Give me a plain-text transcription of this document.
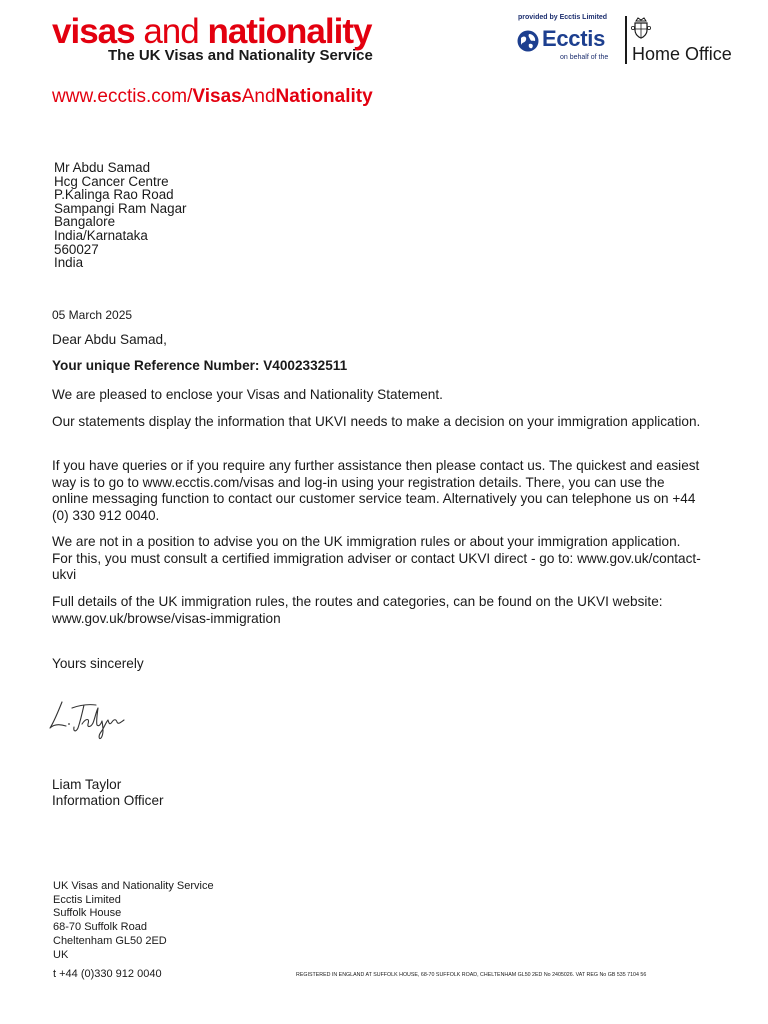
visas and nationality
The UK Visas and Nationality Service
www.ecctis.com/VisasAndNationality
provided by Ecctis Limited
Ecctis
on behalf of the Home Office
Mr Abdu Samad
Hcg Cancer Centre
P.Kalinga Rao Road
Sampangi Ram Nagar
Bangalore
India/Karnataka
560027
India
05 March 2025
Dear Abdu Samad,
Your unique Reference Number: V4002332511
We are pleased to enclose your Visas and Nationality Statement.
Our statements display the information that UKVI needs to make a decision on your immigration application.
If you have queries or if you require any further assistance then please contact us. The quickest and easiest way is to go to www.ecctis.com/visas and log-in using your registration details. There, you can use the online messaging function to contact our customer service team. Alternatively you can telephone us on +44 (0) 330 912 0040.
We are not in a position to advise you on the UK immigration rules or about your immigration application. For this, you must consult a certified immigration adviser or contact UKVI direct - go to: www.gov.uk/contact-ukvi
Full details of the UK immigration rules, the routes and categories, can be found on the UKVI website: www.gov.uk/browse/visas-immigration
Yours sincerely
Liam Taylor
Information Officer
UK Visas and Nationality Service
Ecctis Limited
Suffolk House
68-70 Suffolk Road
Cheltenham GL50 2ED
UK
t +44 (0)330 912 0040	REGISTERED IN ENGLAND AT SUFFOLK HOUSE, 68-70 SUFFOLK ROAD, CHELTENHAM GL50 2ED No 2405026. VAT REG No GB 535 7104 56
